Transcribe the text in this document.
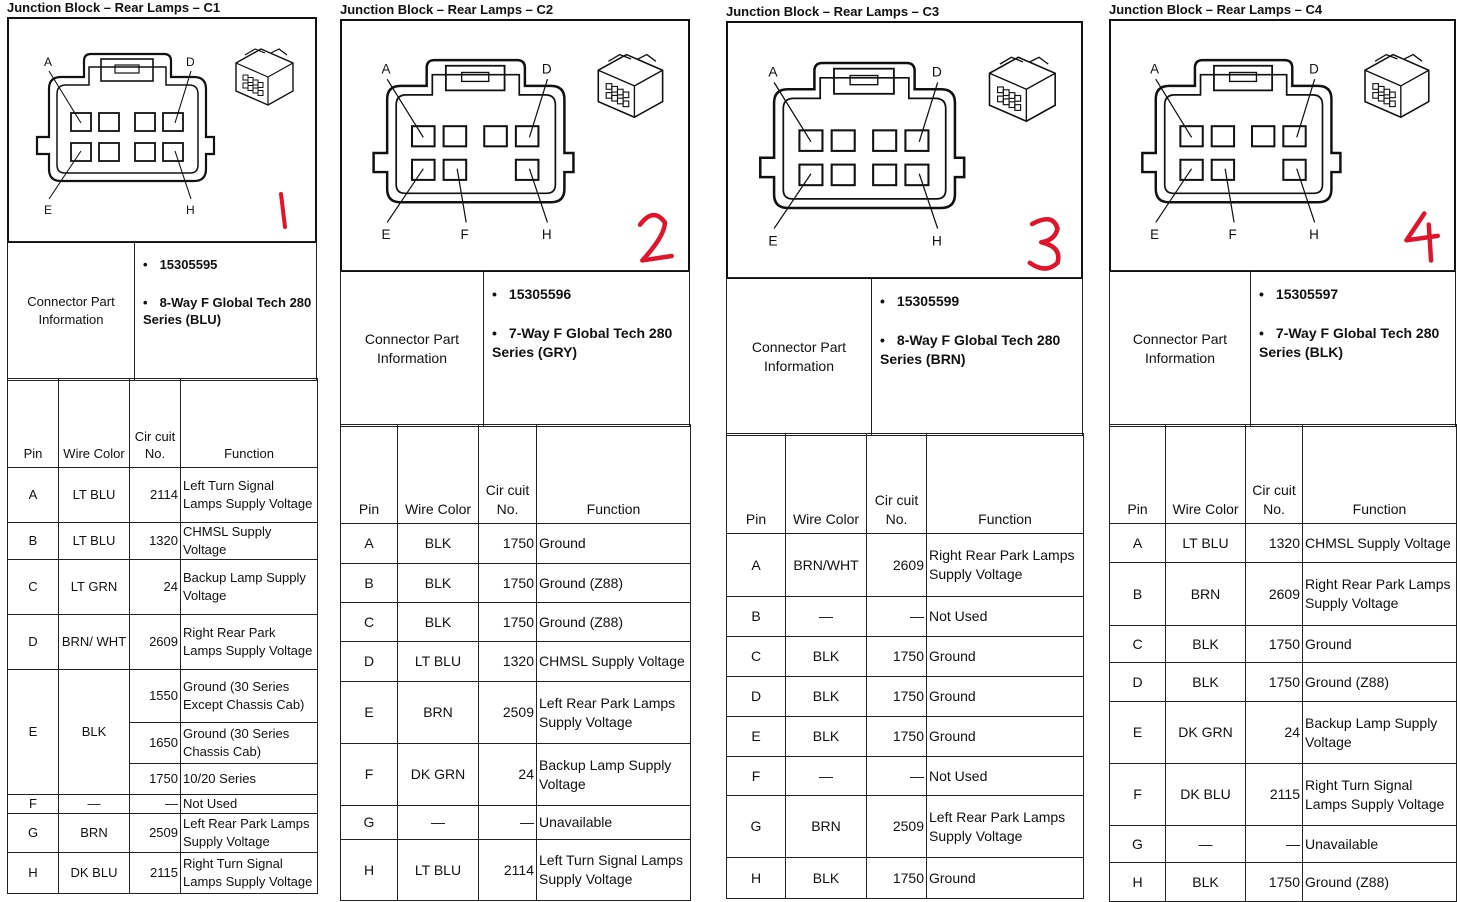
Junction Block – Rear Lamps – C1
A	D
E	H
Connector Part Information	
• 15305595
• 8-Way F Global Tech 280 Series (BLU)
Pin	Wire Color	Cir cuit No.	Function
A	LT BLU	2114	Left Turn Signal Lamps Supply Voltage
B	LT BLU	1320	CHMSL Supply Voltage
C	LT GRN	24	Backup Lamp Supply Voltage
D	BRN/ WHT	2609	Right Rear Park Lamps Supply Voltage
E	BLK	1550	Ground (30 Series Except Chassis Cab)
		1650	Ground (30 Series Chassis Cab)
		1750	10/20 Series
F	—	—	Not Used
G	BRN	2509	Left Rear Park Lamps Supply Voltage
H	DK BLU	2115	Right Turn Signal Lamps Supply Voltage
Junction Block – Rear Lamps – C2
A	D
E	F	H
Connector Part Information	
• 15305596
• 7-Way F Global Tech 280 Series (GRY)
Pin	Wire Color	Cir cuit No.	Function
A	BLK	1750	Ground
B	BLK	1750	Ground (Z88)
C	BLK	1750	Ground (Z88)
D	LT BLU	1320	CHMSL Supply Voltage
E	BRN	2509	Left Rear Park Lamps Supply Voltage
F	DK GRN	24	Backup Lamp Supply Voltage
G	—	—	Unavailable
H	LT BLU	2114	Left Turn Signal Lamps Supply Voltage
Junction Block – Rear Lamps – C3
A	D
E	H
Connector Part Information	
• 15305599
• 8-Way F Global Tech 280 Series (BRN)
Pin	Wire Color	Cir cuit No.	Function
A	BRN/WHT	2609	Right Rear Park Lamps Supply Voltage
B	—	—	Not Used
C	BLK	1750	Ground
D	BLK	1750	Ground
E	BLK	1750	Ground
F	—	—	Not Used
G	BRN	2509	Left Rear Park Lamps Supply Voltage
H	BLK	1750	Ground
Junction Block – Rear Lamps – C4
A	D
E	F	H
Connector Part Information	
• 15305597
• 7-Way F Global Tech 280 Series (BLK)
Pin	Wire Color	Cir cuit No.	Function
A	LT BLU	1320	CHMSL Supply Voltage
B	BRN	2609	Right Rear Park Lamps Supply Voltage
C	BLK	1750	Ground
D	BLK	1750	Ground (Z88)
E	DK GRN	24	Backup Lamp Supply Voltage
F	DK BLU	2115	Right Turn Signal Lamps Supply Voltage
G	—	—	Unavailable
H	BLK	1750	Ground (Z88)
